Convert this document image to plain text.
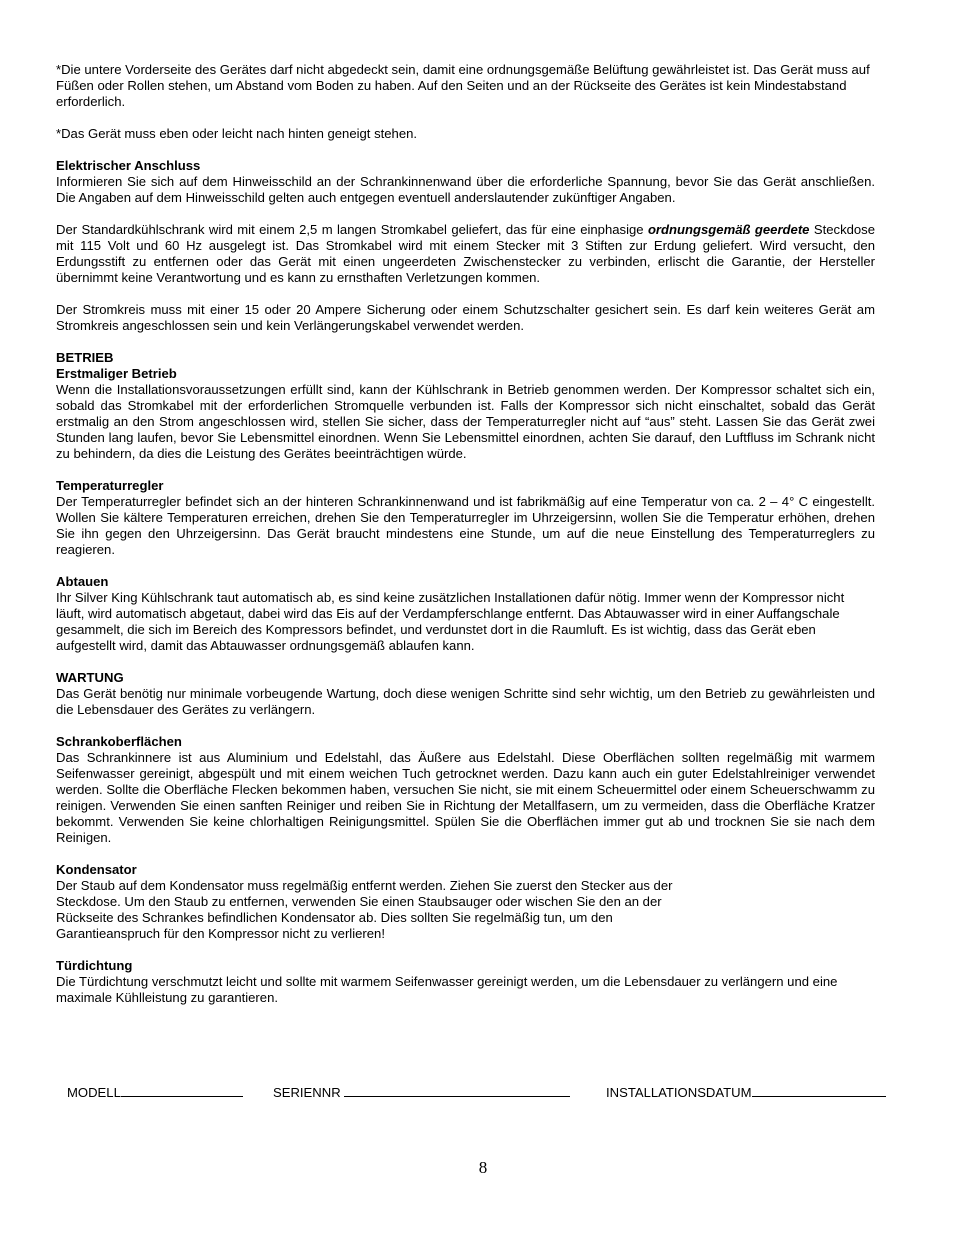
*Die untere Vorderseite des Gerätes darf nicht abgedeckt sein, damit eine ordnungsgemäße Belüftung gewährleistet ist. Das Gerät muss auf Füßen oder Rollen stehen, um Abstand vom Boden zu haben. Auf den Seiten und an der Rückseite des Gerätes ist kein Mindestabstand erforderlich.

*Das Gerät muss eben oder leicht nach hinten geneigt stehen.

Elektrischer Anschluss

Informieren Sie sich auf dem Hinweisschild an der Schrankinnenwand über die erforderliche Spannung, bevor Sie das Gerät anschließen. Die Angaben auf dem Hinweisschild gelten auch entgegen eventuell anderslautender zukünftiger Angaben.

Der Standardkühlschrank wird mit einem 2,5 m langen Stromkabel geliefert, das für eine einphasige ordnungsgemäß geerdete Steckdose mit 115 Volt und 60 Hz ausgelegt ist. Das Stromkabel wird mit einem Stecker mit 3 Stiften zur Erdung geliefert. Wird versucht, den Erdungsstift zu entfernen oder das Gerät mit einen ungeerdeten Zwischenstecker zu verbinden, erlischt die Garantie, der Hersteller übernimmt keine Verantwortung und es kann zu ernsthaften Verletzungen kommen.

Der Stromkreis muss mit einer 15 oder 20 Ampere Sicherung oder einem Schutzschalter gesichert sein. Es darf kein weiteres Gerät am Stromkreis angeschlossen sein und kein Verlängerungskabel verwendet werden.

BETRIEB
Erstmaliger Betrieb

Wenn die Installationsvoraussetzungen erfüllt sind, kann der Kühlschrank in Betrieb genommen werden. Der Kompressor schaltet sich ein, sobald das Stromkabel mit der erforderlichen Stromquelle verbunden ist. Falls der Kompressor sich nicht einschaltet, sobald das Gerät erstmalig an den Strom angeschlossen wird, stellen Sie sicher, dass der Temperaturregler nicht auf “aus” steht. Lassen Sie das Gerät zwei Stunden lang laufen, bevor Sie Lebensmittel einordnen. Wenn Sie Lebensmittel einordnen, achten Sie darauf, den Luftfluss im Schrank nicht zu behindern, da dies die Leistung des Gerätes beeinträchtigen würde.

Temperaturregler

Der Temperaturregler befindet sich an der hinteren Schrankinnenwand und ist fabrikmäßig auf eine Temperatur von ca. 2 – 4° C eingestellt. Wollen Sie kältere Temperaturen erreichen, drehen Sie den Temperaturregler im Uhrzeigersinn, wollen Sie die Temperatur erhöhen, drehen Sie ihn gegen den Uhrzeigersinn. Das Gerät braucht mindestens eine Stunde, um auf die neue Einstellung des Temperaturreglers zu reagieren.

Abtauen

Ihr Silver King Kühlschrank taut automatisch ab, es sind keine zusätzlichen Installationen dafür nötig. Immer wenn der Kompressor nicht läuft, wird automatisch abgetaut, dabei wird das Eis auf der Verdampferschlange entfernt. Das Abtauwasser wird in einer Auffangschale gesammelt, die sich im Bereich des Kompressors befindet, und verdunstet dort in die Raumluft. Es ist wichtig, dass das Gerät eben aufgestellt wird, damit das Abtauwasser ordnungsgemäß ablaufen kann.

WARTUNG

Das Gerät benötig nur minimale vorbeugende Wartung, doch diese wenigen Schritte sind sehr wichtig, um den Betrieb zu gewährleisten und die Lebensdauer des Gerätes zu verlängern.

Schrankoberflächen

Das Schrankinnere ist aus Aluminium und Edelstahl, das Äußere aus Edelstahl. Diese Oberflächen sollten regelmäßig mit warmem Seifenwasser gereinigt, abgespült und mit einem weichen Tuch getrocknet werden. Dazu kann auch ein guter Edelstahlreiniger verwendet werden. Sollte die Oberfläche Flecken bekommen haben, versuchen Sie nicht, sie mit einem Scheuermittel oder einem Scheuerschwamm zu reinigen. Verwenden Sie einen sanften Reiniger und reiben Sie in Richtung der Metallfasern, um zu vermeiden, dass die Oberfläche Kratzer bekommt. Verwenden Sie keine chlorhaltigen Reinigungsmittel. Spülen Sie die Oberflächen immer gut ab und trocknen Sie sie nach dem Reinigen.

Kondensator
Der Staub auf dem Kondensator muss regelmäßig entfernt werden. Ziehen Sie zuerst den Stecker aus der
Steckdose. Um den Staub zu entfernen, verwenden Sie einen Staubsauger oder wischen Sie den an der
Rückseite des Schrankes befindlichen Kondensator ab. Dies sollten Sie regelmäßig tun, um den
Garantieanspruch für den Kompressor nicht zu verlieren!
Türdichtung

Die Türdichtung verschmutzt leicht und sollte mit warmem Seifenwasser gereinigt werden, um die Lebensdauer zu verlängern und eine maximale Kühlleistung zu garantieren.

MODELL	SERIENNR	INSTALLATIONSDATUM
8
